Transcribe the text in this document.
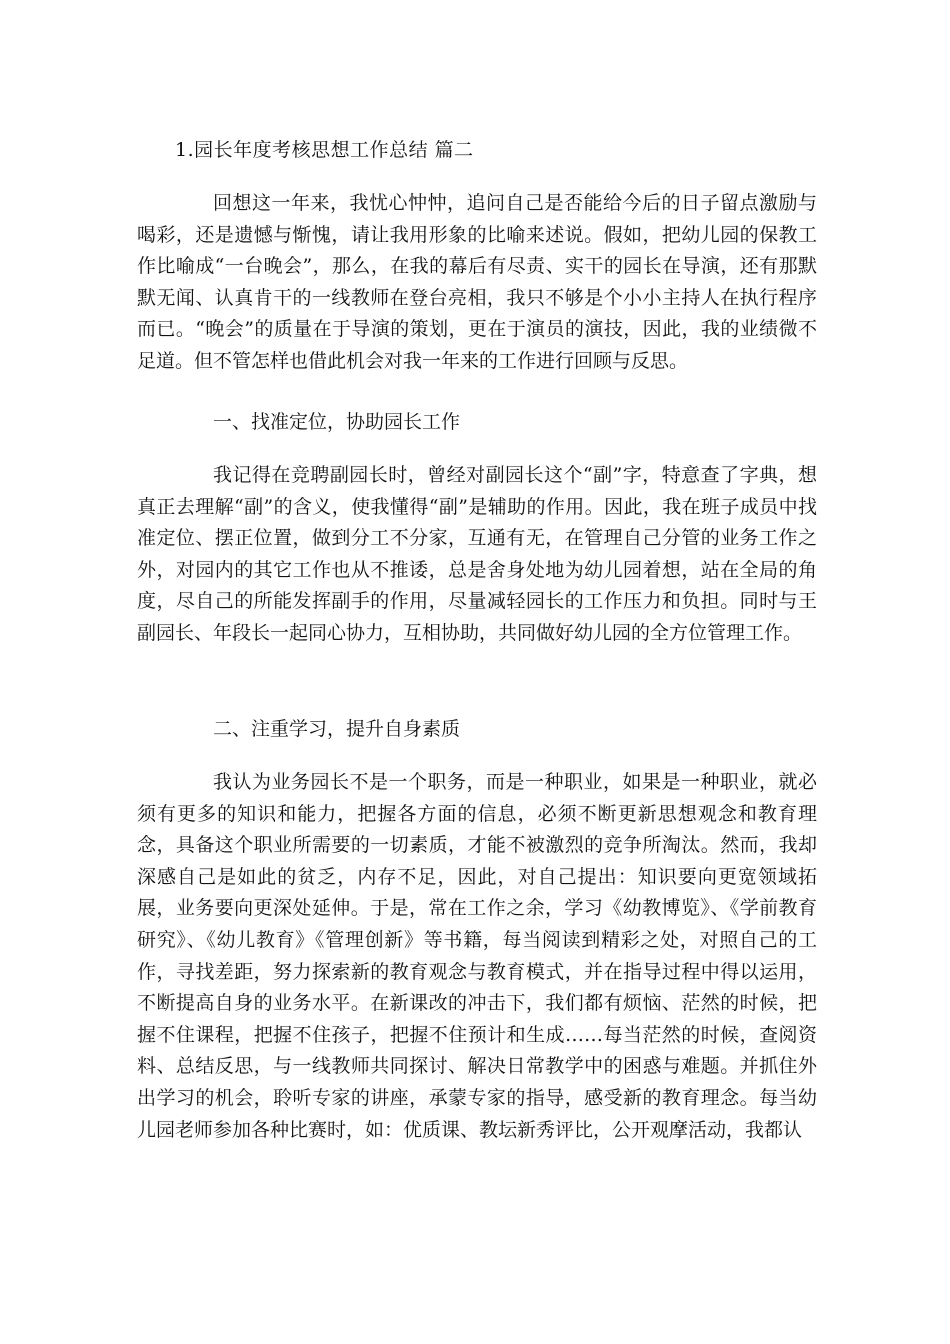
1.园长年度考核思想工作总结 篇二

回想这一年来，我忧心忡忡，追问自己是否能给今后的日子留点激励与喝彩，还是遗憾与惭愧，请让我用形象的比喻来述说。假如，把幼儿园的保教工作比喻成“一台晚会”，那么，在我的幕后有尽责、实干的园长在导演，还有那默默无闻、认真肯干的一线教师在登台亮相，我只不够是个小小主持人在执行程序而已。“晚会”的质量在于导演的策划，更在于演员的演技，因此，我的业绩微不足道。但不管怎样也借此机会对我一年来的工作进行回顾与反思。

一、找准定位，协助园长工作

我记得在竞聘副园长时，曾经对副园长这个“副”字，特意查了字典，想真正去理解“副”的含义，使我懂得“副”是辅助的作用。因此，我在班子成员中找准定位、摆正位置，做到分工不分家，互通有无，在管理自己分管的业务工作之外，对园内的其它工作也从不推诿，总是舍身处地为幼儿园着想，站在全局的角度，尽自己的所能发挥副手的作用，尽量减轻园长的工作压力和负担。同时与王副园长、年段长一起同心协力，互相协助，共同做好幼儿园的全方位管理工作。

二、注重学习，提升自身素质

我认为业务园长不是一个职务，而是一种职业，如果是一种职业，就必须有更多的知识和能力，把握各方面的信息，必须不断更新思想观念和教育理念，具备这个职业所需要的一切素质，才能不被激烈的竞争所淘汰。然而，我却深感自己是如此的贫乏，内存不足，因此，对自己提出：知识要向更宽领域拓展，业务要向更深处延伸。于是，常在工作之余，学习《幼教博览》、《学前教育研究》、《幼儿教育》《管理创新》等书籍，每当阅读到精彩之处，对照自己的工作，寻找差距，努力探索新的教育观念与教育模式，并在指导过程中得以运用，不断提高自身的业务水平。在新课改的冲击下，我们都有烦恼、茫然的时候，把握不住课程，把握不住孩子，把握不住预计和生成……每当茫然的时候，查阅资料、总结反思，与一线教师共同探讨、解决日常教学中的困惑与难题。并抓住外出学习的机会，聆听专家的讲座，承蒙专家的指导，感受新的教育理念。每当幼儿园老师参加各种比赛时，如：优质课、教坛新秀评比，公开观摩活动，我都认
